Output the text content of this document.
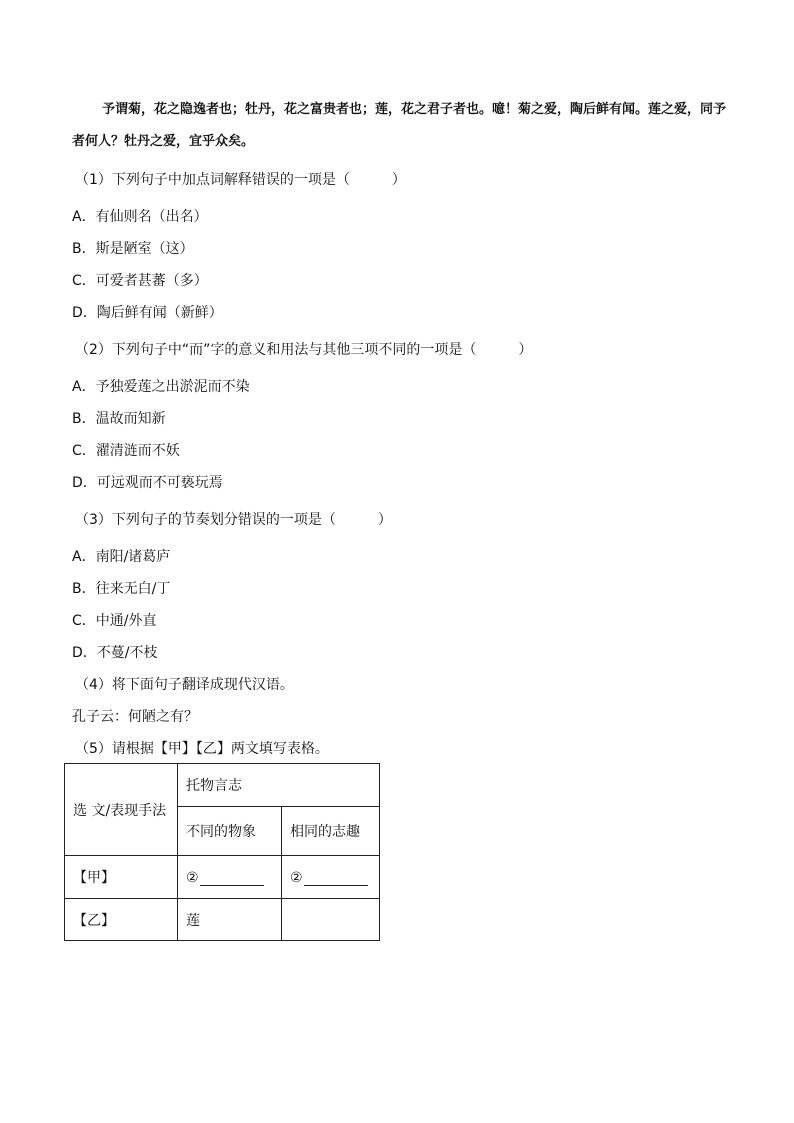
予谓菊，花之隐逸者也；牡丹，花之富贵者也；莲，花之君子者也。噫！菊之爱，陶后鲜有闻。莲之爱，同予者何人？牡丹之爱，宜乎众矣。
（1）下列句子中加点词解释错误的一项是（　　　）
A．有仙则名（出名）
B．斯是陋室（这）
C．可爱者甚蕃（多）
D．陶后鲜有闻（新鲜）
（2）下列句子中“而”字的意义和用法与其他三项不同的一项是（　　　）
A．予独爱莲之出淤泥而不染
B．温故而知新
C．濯清涟而不妖
D．可远观而不可亵玩焉
（3）下列句子的节奏划分错误的一项是（　　　）
A．南阳/诸葛庐
B．往来无白/丁
C．中通/外直
D．不蔓/不枝
（4）将下面句子翻译成现代汉语。
孔子云：何陋之有？
（5）请根据【甲】【乙】两文填写表格。
选 文/表现手法	托物言志	
	不同的物象	相同的志趣
【甲】	②	②
【乙】	莲	
